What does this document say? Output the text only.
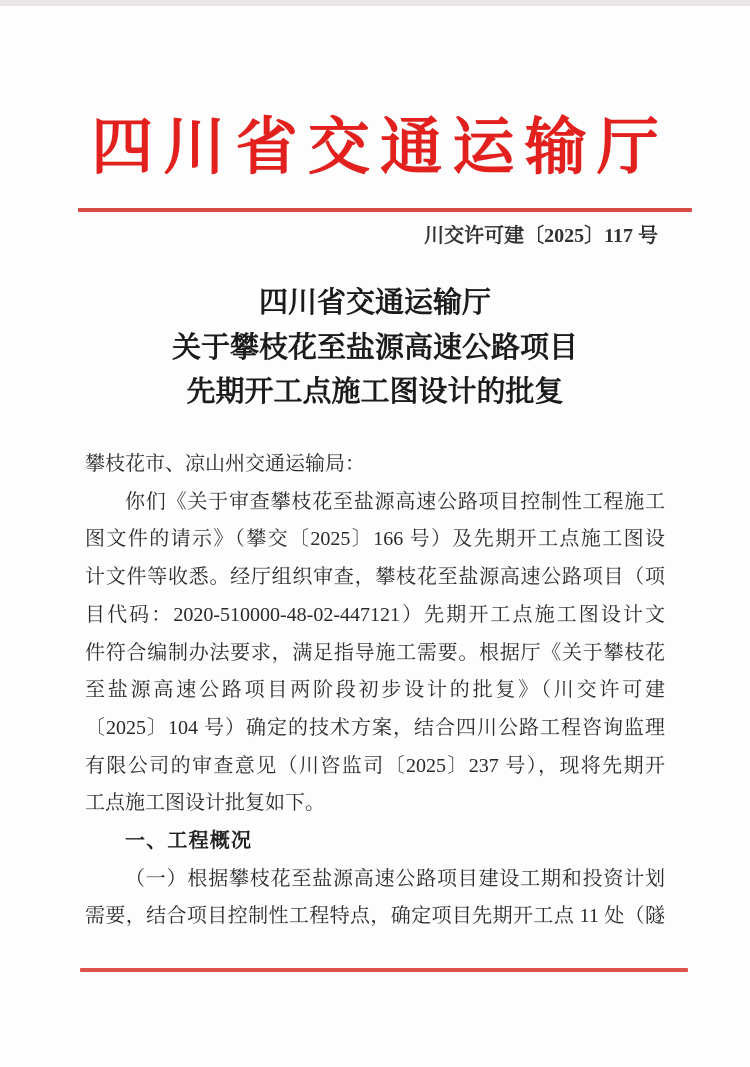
四川省交通运输厅
川交许可建〔2025〕117 号
四川省交通运输厅
关于攀枝花至盐源高速公路项目
先期开工点施工图设计的批复
攀枝花市、凉山州交通运输局：
你们《关于审查攀枝花至盐源高速公路项目控制性工程施工
图文件的请示》（攀交〔2025〕166 号）及先期开工点施工图设
计文件等收悉。经厅组织审查，攀枝花至盐源高速公路项目（项
目代码：2020-510000-48-02-447121）先期开工点施工图设计文
件符合编制办法要求，满足指导施工需要。根据厅《关于攀枝花
至盐源高速公路项目两阶段初步设计的批复》（川交许可建
〔2025〕104 号）确定的技术方案，结合四川公路工程咨询监理
有限公司的审查意见（川咨监司〔2025〕237 号），现将先期开
工点施工图设计批复如下。
一、工程概况
（一）根据攀枝花至盐源高速公路项目建设工期和投资计划
需要，结合项目控制性工程特点，确定项目先期开工点 11 处（隧
